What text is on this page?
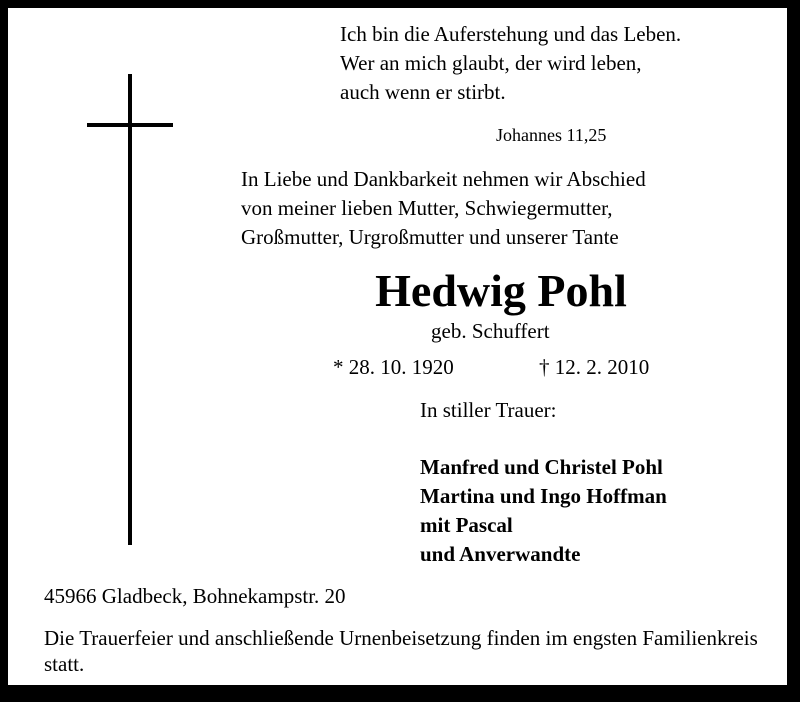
Ich bin die Auferstehung und das Leben.
Wer an mich glaubt, der wird leben,
auch wenn er stirbt.
Johannes 11,25
In Liebe und Dankbarkeit nehmen wir Abschied
von meiner lieben Mutter, Schwiegermutter,
Großmutter, Urgroßmutter und unserer Tante
Hedwig Pohl
geb. Schuffert
* 28. 10. 1920	† 12. 2. 2010
In stiller Trauer:
Manfred und Christel Pohl
Martina und Ingo Hoffman
mit Pascal
und Anverwandte
45966 Gladbeck, Bohnekampstr. 20
Die Trauerfeier und anschließende Urnenbeisetzung finden im engsten Familienkreis statt.
